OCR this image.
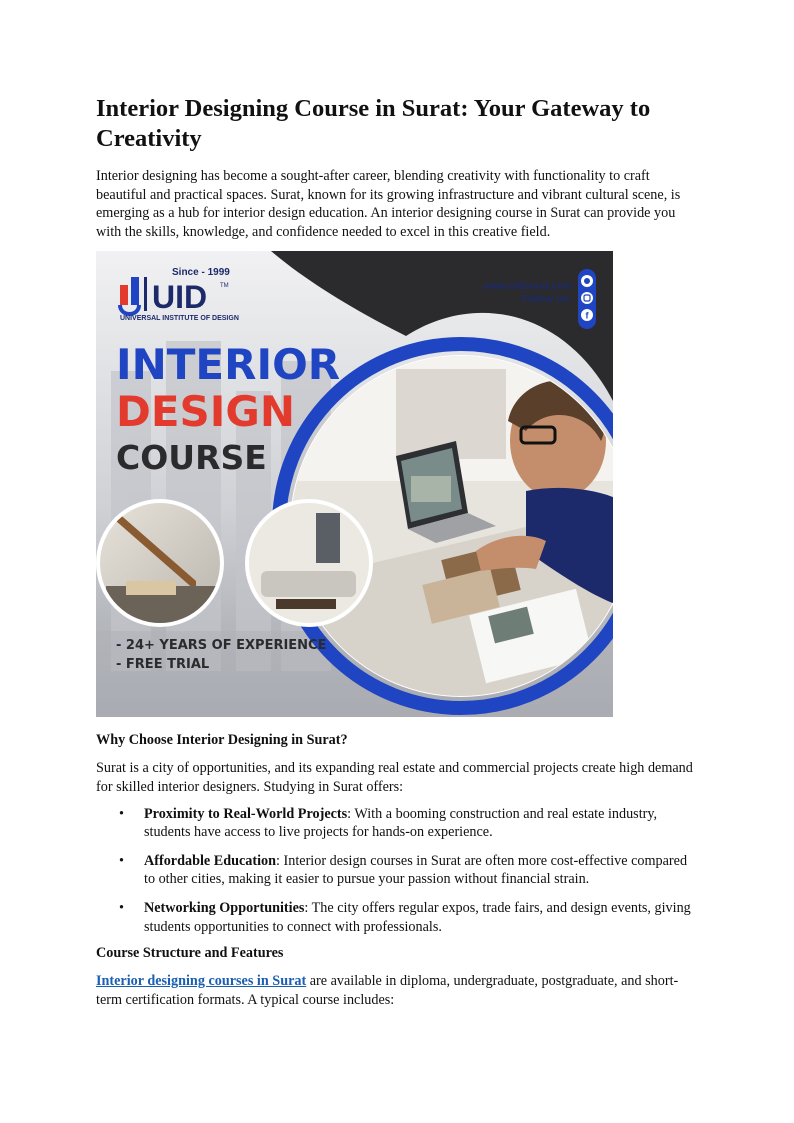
Interior Designing Course in Surat: Your Gateway to Creativity

Interior designing has become a sought-after career, blending creativity with functionality to craft beautiful and practical spaces. Surat, known for its growing infrastructure and vibrant cultural scene, is emerging as a hub for interior design education. An interior designing course in Surat can provide you with the skills, knowledge, and confidence needed to excel in this creative field.

Since - 1999
UID TM
UNIVERSAL INSTITUTE OF DESIGN
www.uidsurat.com
Follow Us:
f
INTERIOR
DESIGN
COURSE
- 24+ YEARS OF EXPERIENCE
- FREE TRIAL
Why Choose Interior Designing in Surat?

Surat is a city of opportunities, and its expanding real estate and commercial projects create high demand for skilled interior designers. Studying in Surat offers:

• Proximity to Real-World Projects: With a booming construction and real estate industry, students have access to live projects for hands-on experience.
• Affordable Education: Interior design courses in Surat are often more cost-effective compared to other cities, making it easier to pursue your passion without financial strain.
• Networking Opportunities: The city offers regular expos, trade fairs, and design events, giving students opportunities to connect with professionals.
Course Structure and Features

Interior designing courses in Surat are available in diploma, undergraduate, postgraduate, and short-term certification formats. A typical course includes:
